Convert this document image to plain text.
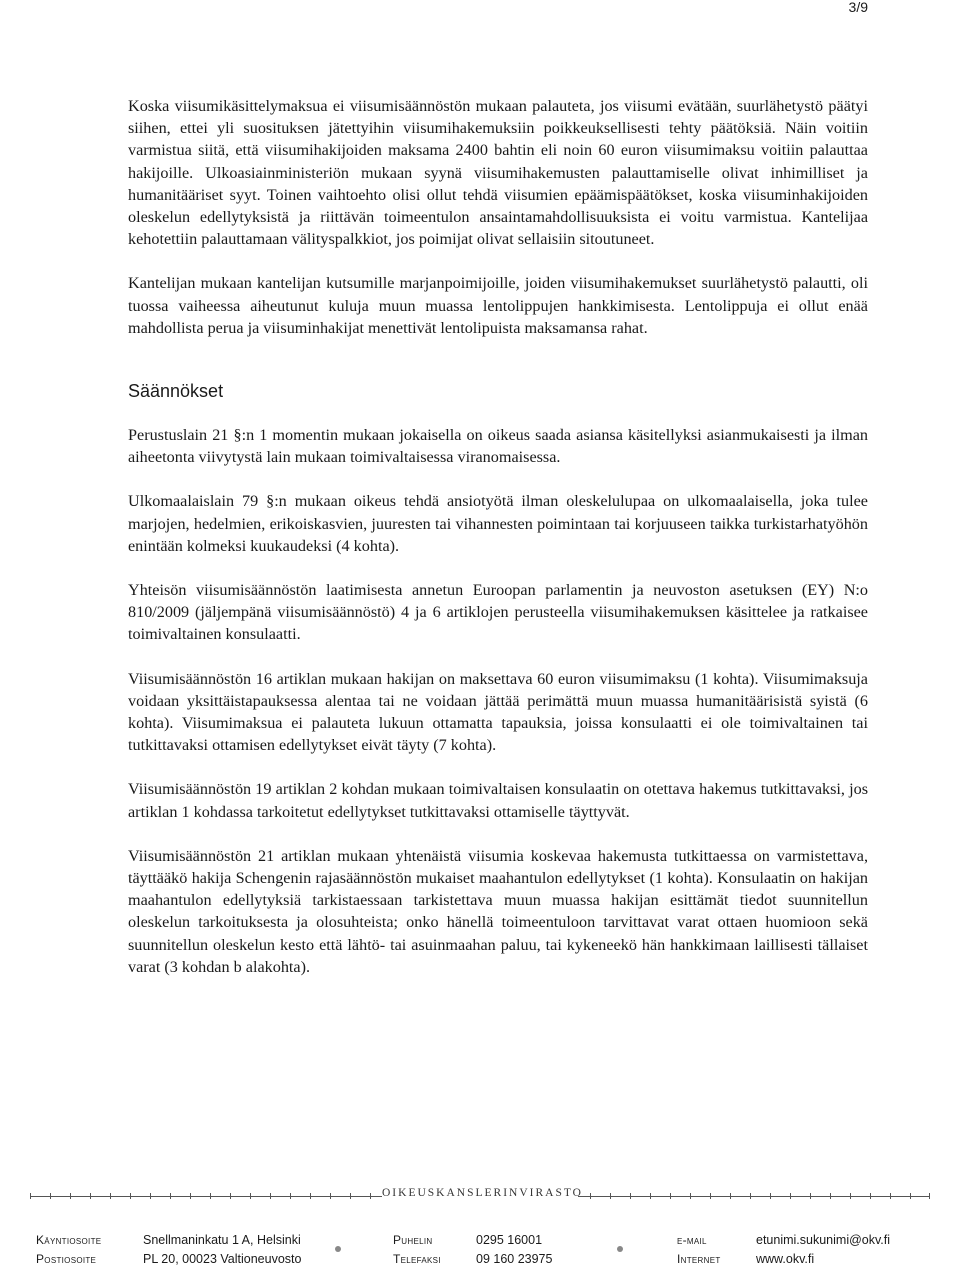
3/9

Koska viisumikäsittelymaksua ei viisumisäännöstön mukaan palauteta, jos viisumi evätään, suurlähetystö päätyi siihen, ettei yli suosituksen jätettyihin viisumihakemuksiin poikkeuksellisesti tehty päätöksiä. Näin voitiin varmistua siitä, että viisumihakijoiden maksama 2400 bahtin eli noin 60 euron viisumimaksu voitiin palauttaa hakijoille. Ulkoasiainministeriön mukaan syynä viisumihakemusten palauttamiselle olivat inhimilliset ja humanitääriset syyt. Toinen vaihtoehto olisi ollut tehdä viisumien epäämispäätökset, koska viisuminhakijoiden oleskelun edellytyksistä ja riittävän toimeentulon ansaintamahdollisuuksista ei voitu varmistua. Kantelijaa kehotettiin palauttamaan välityspalkkiot, jos poimijat olivat sellaisiin sitoutuneet.

Kantelijan mukaan kantelijan kutsumille marjanpoimijoille, joiden viisumihakemukset suurlähetystö palautti, oli tuossa vaiheessa aiheutunut kuluja muun muassa lentolippujen hankkimisesta. Lentolippuja ei ollut enää mahdollista perua ja viisuminhakijat menettivät lentolipuista maksamansa rahat.

Säännökset

Perustuslain 21 §:n 1 momentin mukaan jokaisella on oikeus saada asiansa käsitellyksi asianmukaisesti ja ilman aiheetonta viivytystä lain mukaan toimivaltaisessa viranomaisessa.

Ulkomaalaislain 79 §:n mukaan oikeus tehdä ansiotyötä ilman oleskelulupaa on ulkomaalaisella, joka tulee marjojen, hedelmien, erikoiskasvien, juuresten tai vihannesten poimintaan tai korjuuseen taikka turkistarhatyöhön enintään kolmeksi kuukaudeksi (4 kohta).

Yhteisön viisumisäännöstön laatimisesta annetun Euroopan parlamentin ja neuvoston asetuksen (EY) N:o 810/2009 (jäljempänä viisumisäännöstö) 4 ja 6 artiklojen perusteella viisumihakemuksen käsittelee ja ratkaisee toimivaltainen konsulaatti.

Viisumisäännöstön 16 artiklan mukaan hakijan on maksettava 60 euron viisumimaksu (1 kohta). Viisumimaksuja voidaan yksittäistapauksessa alentaa tai ne voidaan jättää perimättä muun muassa humanitäärisistä syistä (6 kohta). Viisumimaksua ei palauteta lukuun ottamatta tapauksia, joissa konsulaatti ei ole toimivaltainen tai tutkittavaksi ottamisen edellytykset eivät täyty (7 kohta).

Viisumisäännöstön 19 artiklan 2 kohdan mukaan toimivaltaisen konsulaatin on otettava hakemus tutkittavaksi, jos artiklan 1 kohdassa tarkoitetut edellytykset tutkittavaksi ottamiselle täyttyvät.

Viisumisäännöstön 21 artiklan mukaan yhtenäistä viisumia koskevaa hakemusta tutkittaessa on varmistettava, täyttääkö hakija Schengenin rajasäännöstön mukaiset maahantulon edellytykset (1 kohta). Konsulaatin on hakijan maahantulon edellytyksiä tarkistaessaan tarkistettava muun muassa hakijan esittämät tiedot suunnitellun oleskelun tarkoituksesta ja olosuhteista; onko hänellä toimeentuloon tarvittavat varat ottaen huomioon sekä suunnitellun oleskelun kesto että lähtö- tai asuinmaahan paluu, tai kykeneekö hän hankkimaan laillisesti tällaiset varat (3 kohdan b alakohta).

OIKEUSKANSLERINVIRASTO
Käyntiosoite	Snellmaninkatu 1 A, Helsinki	Puhelin	0295 16001	e-mail	etunimi.sukunimi@okv.fi
Postiosoite	PL 20, 00023 Valtioneuvosto	Telefaksi	09 160 23975	Internet	www.okv.fi
